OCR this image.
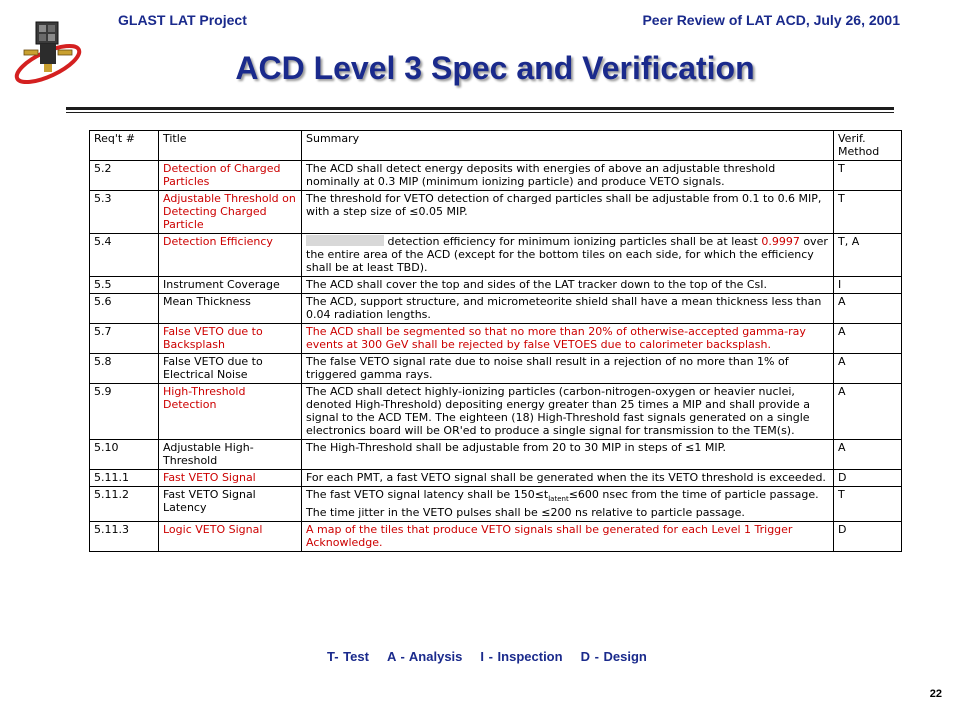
GLAST LAT Project	Peer Review of LAT ACD, July 26, 2001
ACD Level 3 Spec and Verification
Req't #	Title	Summary	Verif. Method
5.2	Detection of Charged Particles	The ACD shall detect energy deposits with energies of above an adjustable threshold nominally at 0.3 MIP (minimum ionizing particle) and produce VETO signals.	T
5.3	Adjustable Threshold on Detecting Charged Particle	The threshold for VETO detection of charged particles shall be adjustable from 0.1 to 0.6 MIP, with a step size of ≤0.05 MIP.	T
5.4	Detection Efficiency	detection efficiency for minimum ionizing particles shall be at least 0.9997 over the entire area of the ACD (except for the bottom tiles on each side, for which the efficiency shall be at least TBD).	T, A
5.5	Instrument Coverage	The ACD shall cover the top and sides of the LAT tracker down to the top of the CsI.	I
5.6	Mean Thickness	The ACD, support structure, and micrometeorite shield shall have a mean thickness less than 0.04 radiation lengths.	A
5.7	False VETO due to Backsplash	The ACD shall be segmented so that no more than 20% of otherwise-accepted gamma-ray events at 300 GeV shall be rejected by false VETOES due to calorimeter backsplash.	A
5.8	False VETO due to Electrical Noise	The false VETO signal rate due to noise shall result in a rejection of no more than 1% of triggered gamma rays.	A
5.9	High-Threshold Detection	The ACD shall detect highly-ionizing particles (carbon-nitrogen-oxygen or heavier nuclei, denoted High-Threshold) depositing energy greater than 25 times a MIP and shall provide a signal to the ACD TEM. The eighteen (18) High-Threshold fast signals generated on a single electronics board will be OR'ed to produce a single signal for transmission to the TEM(s).	A
5.10	Adjustable High-Threshold	The High-Threshold shall be adjustable from 20 to 30 MIP in steps of ≤1 MIP.	A
5.11.1	Fast VETO Signal	For each PMT, a fast VETO signal shall be generated when the its VETO threshold is exceeded.	D
5.11.2	Fast VETO Signal Latency	The fast VETO signal latency shall be $150\le t_{latent}\le 600$ nsec from the time of particle passage. The time jitter in the VETO pulses shall be ≤200 ns relative to particle passage.	T
5.11.3	Logic VETO Signal	A map of the tiles that produce VETO signals shall be generated for each Level 1 Trigger Acknowledge.	D
T- Test A - Analysis I - Inspection D - Design
22
